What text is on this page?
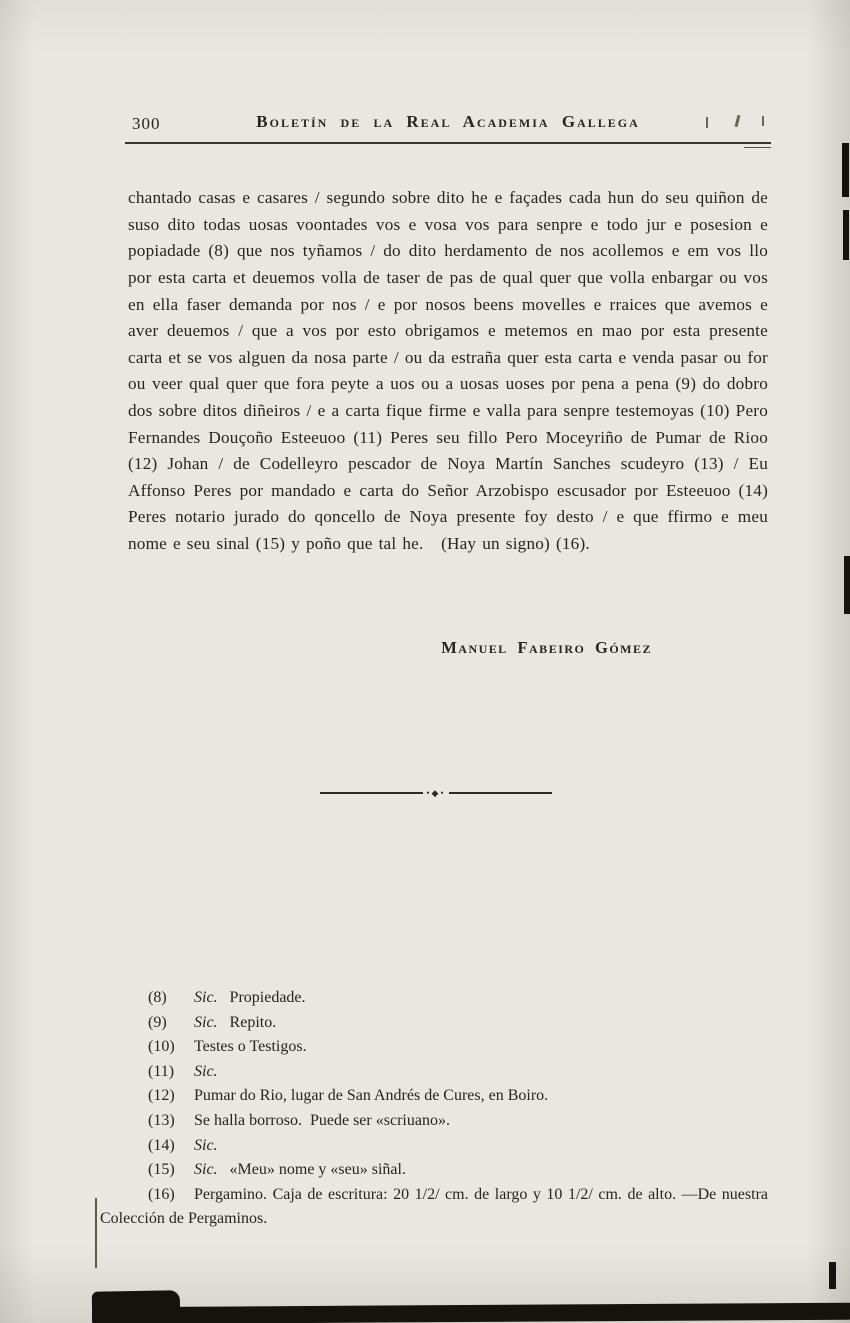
300	Boletín de la Real Academia Gallega

chantado casas e casares / segundo sobre dito he e façades cada hun do seu quiñon de suso dito todas uosas voontades vos e vosa vos para senpre e todo jur e posesion e popiadade (8) que nos tyñamos / do dito herdamento de nos acollemos e em vos llo por esta carta et deuemos volla de taser de pas de qual quer que volla enbargar ou vos en ella faser demanda por nos / e por nosos beens movelles e rraices que avemos e aver deuemos / que a vos por esto obrigamos e metemos en mao por esta presente carta et se vos alguen da nosa parte / ou da estraña quer esta carta e venda pasar ou for ou veer qual quer que fora peyte a uos ou a uosas uoses por pena a pena (9) do dobro dos sobre ditos diñeiros / e a carta fique firme e valla para senpre testemoyas (10) Pero Fernandes Douçoño Esteeuoo (11) Peres seu fillo Pero Moceyriño de Pumar de Rioo (12) Johan / de Codelleyro pescador de Noya Martín Sanches scudeyro (13) / Eu Affonso Peres por mandado e carta do Señor Arzobispo escusador por Esteeuoo (14) Peres notario jurado do qoncello de Noya presente foy desto / e que ffirmo e meu nome e seu sinal (15) y poño que tal he.  (Hay un signo) (16).

Manuel Fabeiro Gómez
•◆•

(8) Sic. Propiedade.

(9) Sic. Repito.

(10) Testes o Testigos.

(11) Sic.

(12) Pumar do Rio, lugar de San Andrés de Cures, en Boiro.

(13) Se halla borroso. Puede ser «scriuano».

(14) Sic.

(15) Sic. «Meu» nome y «seu» siñal.

(16) Pergamino. Caja de escritura: 20 1/2/ cm. de largo y 10 1/2/ cm. de alto. —De nuestra Colección de Pergaminos.
